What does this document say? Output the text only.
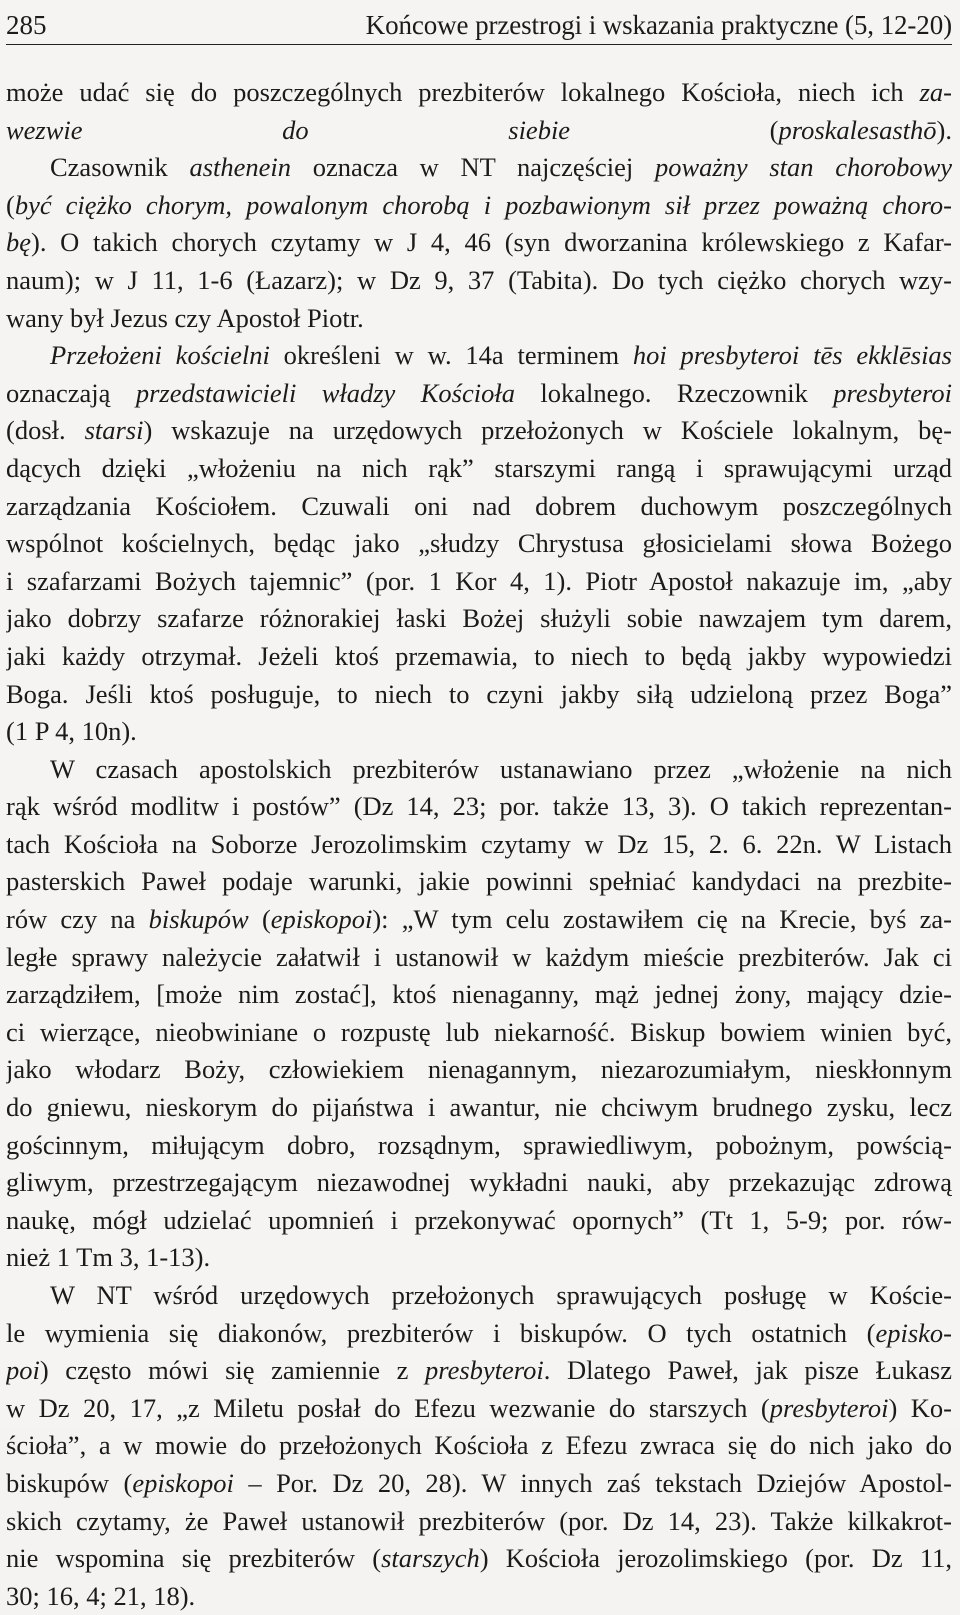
285	Końcowe przestrogi i wskazania praktyczne (5, 12-20)
może udać się do poszczególnych prezbiterów lokalnego Kościoła, niech ich za-
wezwie do siebie (proskalesasthō).
Czasownik asthenein oznacza w NT najczęściej poważny stan chorobowy
(być ciężko chorym, powalonym chorobą i pozbawionym sił przez poważną choro-
bę). O takich chorych czytamy w J 4, 46 (syn dworzanina królewskiego z Kafar-
naum); w J 11, 1-6 (Łazarz); w Dz 9, 37 (Tabita). Do tych ciężko chorych wzy-
wany był Jezus czy Apostoł Piotr.
Przełożeni kościelni określeni w w. 14a terminem hoi presbyteroi tēs ekklēsias
oznaczają przedstawicieli władzy Kościoła lokalnego. Rzeczownik presbyteroi
(dosł. starsi) wskazuje na urzędowych przełożonych w Kościele lokalnym, bę-
dących dzięki „włożeniu na nich rąk” starszymi rangą i sprawującymi urząd
zarządzania Kościołem. Czuwali oni nad dobrem duchowym poszczególnych
wspólnot kościelnych, będąc jako „słudzy Chrystusa głosicielami słowa Bożego
i szafarzami Bożych tajemnic” (por. 1 Kor 4, 1). Piotr Apostoł nakazuje im, „aby
jako dobrzy szafarze różnorakiej łaski Bożej służyli sobie nawzajem tym darem,
jaki każdy otrzymał. Jeżeli ktoś przemawia, to niech to będą jakby wypowiedzi
Boga. Jeśli ktoś posługuje, to niech to czyni jakby siłą udzieloną przez Boga”
(1 P 4, 10n).
W czasach apostolskich prezbiterów ustanawiano przez „włożenie na nich
rąk wśród modlitw i postów” (Dz 14, 23; por. także 13, 3). O takich reprezentan-
tach Kościoła na Soborze Jerozolimskim czytamy w Dz 15, 2. 6. 22n. W Listach
pasterskich Paweł podaje warunki, jakie powinni spełniać kandydaci na prezbite-
rów czy na biskupów (episkopoi): „W tym celu zostawiłem cię na Krecie, byś za-
ległe sprawy należycie załatwił i ustanowił w każdym mieście prezbiterów. Jak ci
zarządziłem, [może nim zostać], ktoś nienaganny, mąż jednej żony, mający dzie-
ci wierzące, nieobwiniane o rozpustę lub niekarność. Biskup bowiem winien być,
jako włodarz Boży, człowiekiem nienagannym, niezarozumiałym, nieskłonnym
do gniewu, nieskorym do pijaństwa i awantur, nie chciwym brudnego zysku, lecz
gościnnym, miłującym dobro, rozsądnym, sprawiedliwym, pobożnym, powścią-
gliwym, przestrzegającym niezawodnej wykładni nauki, aby przekazując zdrową
naukę, mógł udzielać upomnień i przekonywać opornych” (Tt 1, 5-9; por. rów-
nież 1 Tm 3, 1-13).
W NT wśród urzędowych przełożonych sprawujących posługę w Koście-
le wymienia się diakonów, prezbiterów i biskupów. O tych ostatnich (episko-
poi) często mówi się zamiennie z presbyteroi. Dlatego Paweł, jak pisze Łukasz
w Dz 20, 17, „z Miletu posłał do Efezu wezwanie do starszych (presbyteroi) Ko-
ścioła”, a w mowie do przełożonych Kościoła z Efezu zwraca się do nich jako do
biskupów (episkopoi – Por. Dz 20, 28). W innych zaś tekstach Dziejów Apostol-
skich czytamy, że Paweł ustanowił prezbiterów (por. Dz 14, 23). Także kilkakrot-
nie wspomina się prezbiterów (starszych) Kościoła jerozolimskiego (por. Dz 11,
30; 16, 4; 21, 18).
